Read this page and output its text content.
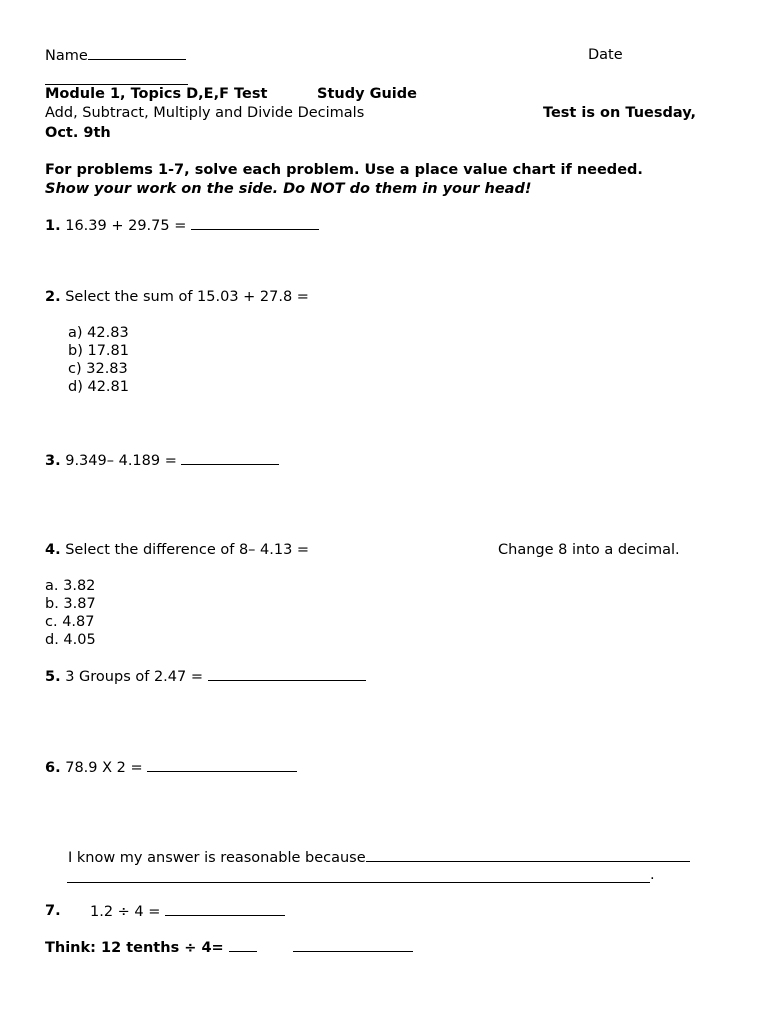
Name	Date
Module 1, Topics D,E,F Test	Study Guide
Add, Subtract, Multiply and Divide Decimals	Test is on Tuesday,
Oct. 9th
For problems 1-7, solve each problem. Use a place value chart if needed.
Show your work on the side. Do NOT do them in your head!
1. 16.39 + 29.75 =
2. Select the sum of 15.03 + 27.8 =
a) 42.83
b) 17.81
c) 32.83
d) 42.81
3. 9.349– 4.189 =
4. Select the difference of 8– 4.13 =	Change 8 into a decimal.
a. 3.82
b. 3.87
c. 4.87
d. 4.05
5. 3 Groups of 2.47 =
6. 78.9 X 2 =
I know my answer is reasonable because
.
7. 1.2 ÷ 4 =
Think: 12 tenths ÷ 4=
